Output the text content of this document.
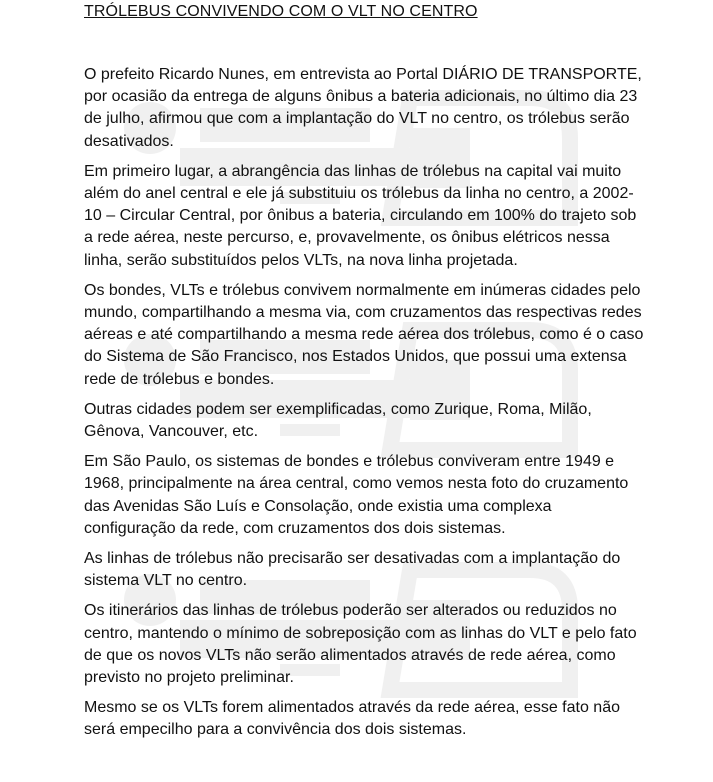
TRÓLEBUS CONVIVENDO COM O VLT NO CENTRO

O prefeito Ricardo Nunes, em entrevista ao Portal DIÁRIO DE TRANSPORTE, por ocasião da entrega de alguns ônibus a bateria adicionais, no último dia 23 de julho, afirmou que com a implantação do VLT no centro, os trólebus serão desativados.

Em primeiro lugar, a abrangência das linhas de trólebus na capital vai muito além do anel central e ele já substituiu os trólebus da linha no centro, a 2002-10 – Circular Central, por ônibus a bateria, circulando em 100% do trajeto sob a rede aérea, neste percurso, e, provavelmente, os ônibus elétricos nessa linha, serão substituídos pelos VLTs, na nova linha projetada.

Os bondes, VLTs e trólebus convivem normalmente em inúmeras cidades pelo mundo, compartilhando a mesma via, com cruzamentos das respectivas redes aéreas e até compartilhando a mesma rede aérea dos trólebus, como é o caso do Sistema de São Francisco, nos Estados Unidos, que possui uma extensa rede de trólebus e bondes.

Outras cidades podem ser exemplificadas, como Zurique, Roma, Milão, Gênova, Vancouver, etc.

Em São Paulo, os sistemas de bondes e trólebus conviveram entre 1949 e 1968, principalmente na área central, como vemos nesta foto do cruzamento das Avenidas São Luís e Consolação, onde existia uma complexa configuração da rede, com cruzamentos dos dois sistemas.

As linhas de trólebus não precisarão ser desativadas com a implantação do sistema VLT no centro.

Os itinerários das linhas de trólebus poderão ser alterados ou reduzidos no centro, mantendo o mínimo de sobreposição com as linhas do VLT e pelo fato de que os novos VLTs não serão alimentados através de rede aérea, como previsto no projeto preliminar.

Mesmo se os VLTs forem alimentados através da rede aérea, esse fato não será empecilho para a convivência dos dois sistemas.
